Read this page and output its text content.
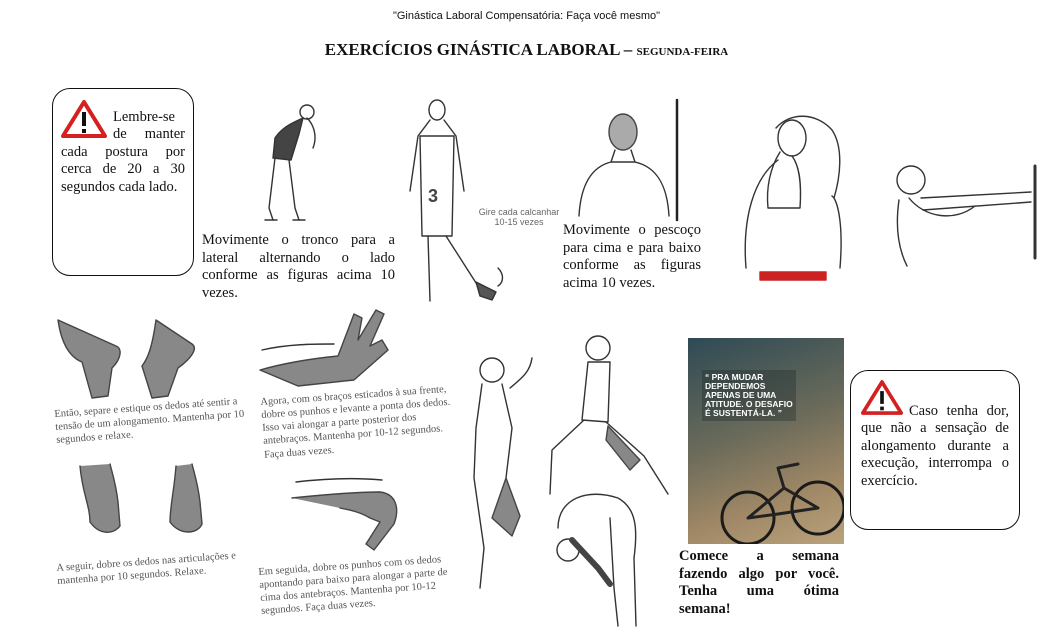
"Ginástica Laboral Compensatória: Faça você mesmo"
EXERCÍCIOS GINÁSTICA LABORAL – SEGUNDA-FEIRA
Lembre-se de manter cada postura por cerca de 20 a 30 segundos cada lado.
Movimente o tronco para a lateral alternando o lado conforme as figuras acima 10 vezes.
3
Gire cada calcanhar 10-15 vezes	Movimente o pescoço para cima e para baixo conforme as figuras acima 10 vezes.
Então, separe e estique os dedos até sentir a tensão de um alongamento. Mantenha por 10 segundos e relaxe.
Agora, com os braços esticados à sua frente, dobre os punhos e levante a ponta dos dedos. Isso vai alongar a parte posterior dos antebraços. Mantenha por 10-12 segundos. Faça duas vezes.
A seguir, dobre os dedos nas articulações e mantenha por 10 segundos. Relaxe.	Em seguida, dobre os punhos com os dedos apontando para baixo para alongar a parte de cima dos antebraços. Mantenha por 10-12 segundos. Faça duas vezes.
“ PRA MUDAR DEPENDEMOS APENAS DE UMA ATITUDE. O DESAFIO É SUSTENTÁ-LA. ”
Comece a semana fazendo algo por você. Tenha uma ótima semana!
Caso tenha dor, que não a sensação de alongamento durante a execução, interrompa o exercício.
